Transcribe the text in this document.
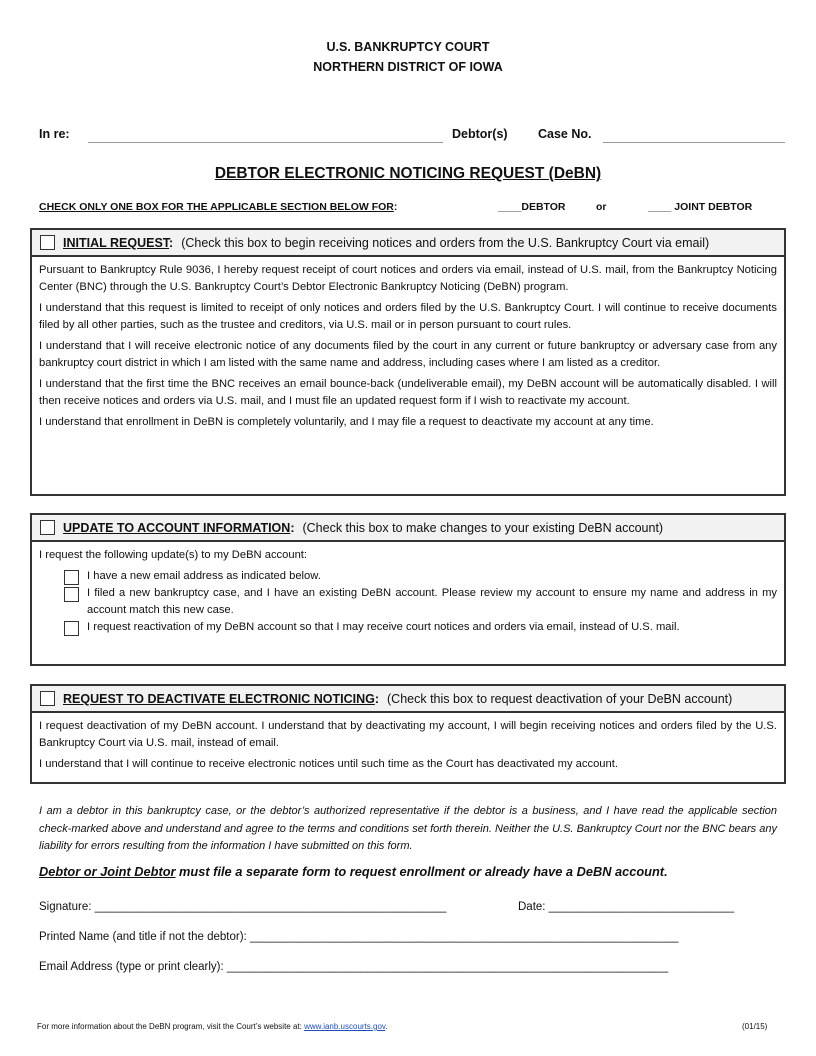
U.S. BANKRUPTCY COURT
NORTHERN DISTRICT OF IOWA
In re:	Debtor(s) Case No.
DEBTOR ELECTRONIC NOTICING REQUEST (DeBN)
CHECK ONLY ONE BOX FOR THE APPLICABLE SECTION BELOW FOR:	____DEBTOR	or	____ JOINT DEBTOR
INITIAL REQUEST: (Check this box to begin receiving notices and orders from the U.S. Bankruptcy Court via email)

Pursuant to Bankruptcy Rule 9036, I hereby request receipt of court notices and orders via email, instead of U.S. mail, from the Bankruptcy Noticing Center (BNC) through the U.S. Bankruptcy Court’s Debtor Electronic Bankruptcy Noticing (DeBN) program.

I understand that this request is limited to receipt of only notices and orders filed by the U.S. Bankruptcy Court. I will continue to receive documents filed by all other parties, such as the trustee and creditors, via U.S. mail or in person pursuant to court rules.

I understand that I will receive electronic notice of any documents filed by the court in any current or future bankruptcy or adversary case from any bankruptcy court district in which I am listed with the same name and address, including cases where I am listed as a creditor.

I understand that the first time the BNC receives an email bounce-back (undeliverable email), my DeBN account will be automatically disabled. I will then receive notices and orders via U.S. mail, and I must file an updated request form if I wish to reactivate my account.

I understand that enrollment in DeBN is completely voluntarily, and I may file a request to deactivate my account at any time.

UPDATE TO ACCOUNT INFORMATION: (Check this box to make changes to your existing DeBN account)

I request the following update(s) to my DeBN account:

I have a new email address as indicated below.
I filed a new bankruptcy case, and I have an existing DeBN account. Please review my account to ensure my name and address in my account match this new case.
I request reactivation of my DeBN account so that I may receive court notices and orders via email, instead of U.S. mail.
REQUEST TO DEACTIVATE ELECTRONIC NOTICING: (Check this box to request deactivation of your DeBN account)

I request deactivation of my DeBN account. I understand that by deactivating my account, I will begin receiving notices and orders filed by the U.S. Bankruptcy Court via U.S. mail, instead of email.

I understand that I will continue to receive electronic notices until such time as the Court has deactivated my account.

I am a debtor in this bankruptcy case, or the debtor’s authorized representative if the debtor is a business, and I have read the applicable section check-marked above and understand and agree to the terms and conditions set forth therein. Neither the U.S. Bankruptcy Court nor the BNC bears any liability for errors resulting from the information I have submitted on this form.
Debtor or Joint Debtor must file a separate form to request enrollment or already have a DeBN account.
Signature: _______________________________________________________	Date: _____________________________
Printed Name (and title if not the debtor): ___________________________________________________________________
Email Address (type or print clearly): _____________________________________________________________________
For more information about the DeBN program, visit the Court’s website at: www.ianb.uscourts.gov.	(01/15)
